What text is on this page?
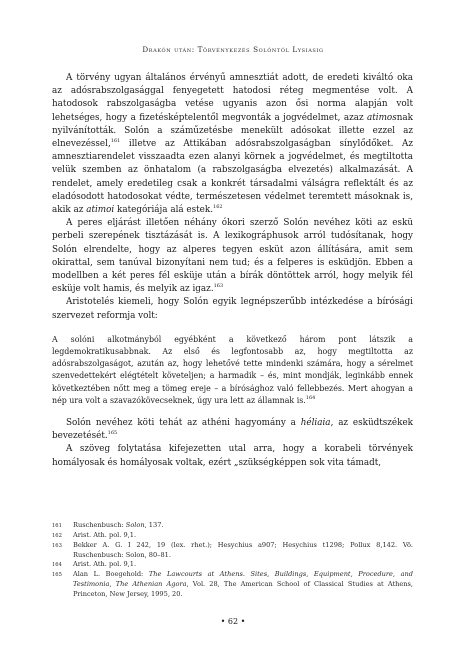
Drakón után: Törvénykezés Solóntól Lysiasig

A törvény ugyan általános érvényű amnesztiát adott, de eredeti kiváltó oka az adósrabszolgasággal fenyegetett hatodosi réteg megmentése volt. A hatodosok rabszolgaságba vetése ugyanis azon ősi norma alapján volt lehetséges, hogy a fizetésképtelentől megvonták a jogvédelmet, azaz atimosnak nyilvánították. Solón a száműzetésbe menekült adósokat illette ezzel az elnevezéssel,$^{161}$ illetve az Attikában adósrabszolgaságban sínylődőket. Az amnesztiarendelet visszaadta ezen alanyi körnek a jogvédelmet, és megtiltotta velük szemben az önhatalom (a rabszolgaságba elvezetés) alkalmazását. A rendelet, amely eredetileg csak a konkrét társadalmi válságra reflektált és az eladósodott hatodosokat védte, természetesen védelmet teremtett másoknak is, akik az atimoi kategóriája alá estek.$^{162}$

A peres eljárást illetően néhány ókori szerző Solón nevéhez köti az eskü perbeli szerepének tisztázását is. A lexikográphusok arról tudósítanak, hogy Solón elrendelte, hogy az alperes tegyen esküt azon állítására, amit sem okirattal, sem tanúval bizonyítani nem tud; és a felperes is esküdjön. Ebben a modellben a két peres fél esküje után a bírák döntöttek arról, hogy melyik fél esküje volt hamis, és melyik az igaz.$^{163}$

Aristotelés kiemeli, hogy Solón egyik legnépszerűbb intézkedése a bírósági szervezet reformja volt:

A solóni alkotmányból egyébként a következő három pont látszik a legdemokratikusabbnak. Az első és legfontosabb az, hogy megtiltotta az adósrabszolgaságot, azután az, hogy lehetővé tette mindenki számára, hogy a sérelmet szenvedettekért elégtételt követeljen; a harmadik – és, mint mondják, leginkább ennek következtében nőtt meg a tömeg ereje – a bírósághoz való fellebbezés. Mert ahogyan a nép ura volt a szavazókövecseknek, úgy ura lett az államnak is.$^{164}$

Solón nevéhez köti tehát az athéni hagyomány a héliaia, az esküdtszékek bevezetését.$^{165}$

A szöveg folytatása kifejezetten utal arra, hogy a korabeli törvények homályosak és homályosak voltak, ezért „szükségképpen sok vita támadt,

161	Ruschenbusch: Solon, 137.
162	Arist. Ath. pol. 9,1.
163	Bekker A. G. I 242, 19 (lex. rhet.); Hesychius a907; Hesychius t1298; Pollux 8,142. Vö. Ruschenbusch: Solon, 80–81.
164	Arist. Ath. pol. 9,1.
165	Alan L. Boegehold: The Lawcourts at Athens. Sites, Buildings, Equipment, Procedure, and Testimonia, The Athenian Agora, Vol. 28, The American School of Classical Studies at Athens, Princeton, New Jersey, 1995, 20.
• 62 •
